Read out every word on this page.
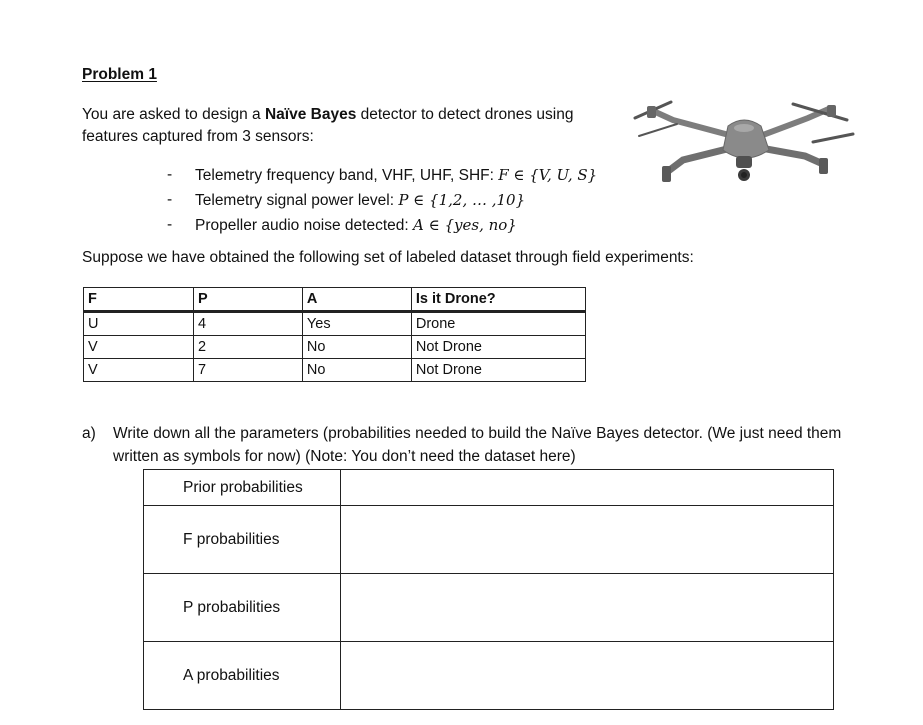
Problem 1
You are asked to design a Naïve Bayes detector to detect drones using features captured from 3 sensors:
- Telemetry frequency band, VHF, UHF, SHF: F ∈ {V, U, S}
- Telemetry signal power level: P ∈ {1,2, … ,10}
- Propeller audio noise detected: A ∈ {yes, no}
Suppose we have obtained the following set of labeled dataset through field experiments:
F	P	A	Is it Drone?
U	4	Yes	Drone
V	2	No	Not Drone
V	7	No	Not Drone
a) Write down all the parameters (probabilities needed to build the Naïve Bayes detector. (We just need them written as symbols for now) (Note: You don’t need the dataset here)
Prior probabilities	
F probabilities	
P probabilities	
A probabilities	
